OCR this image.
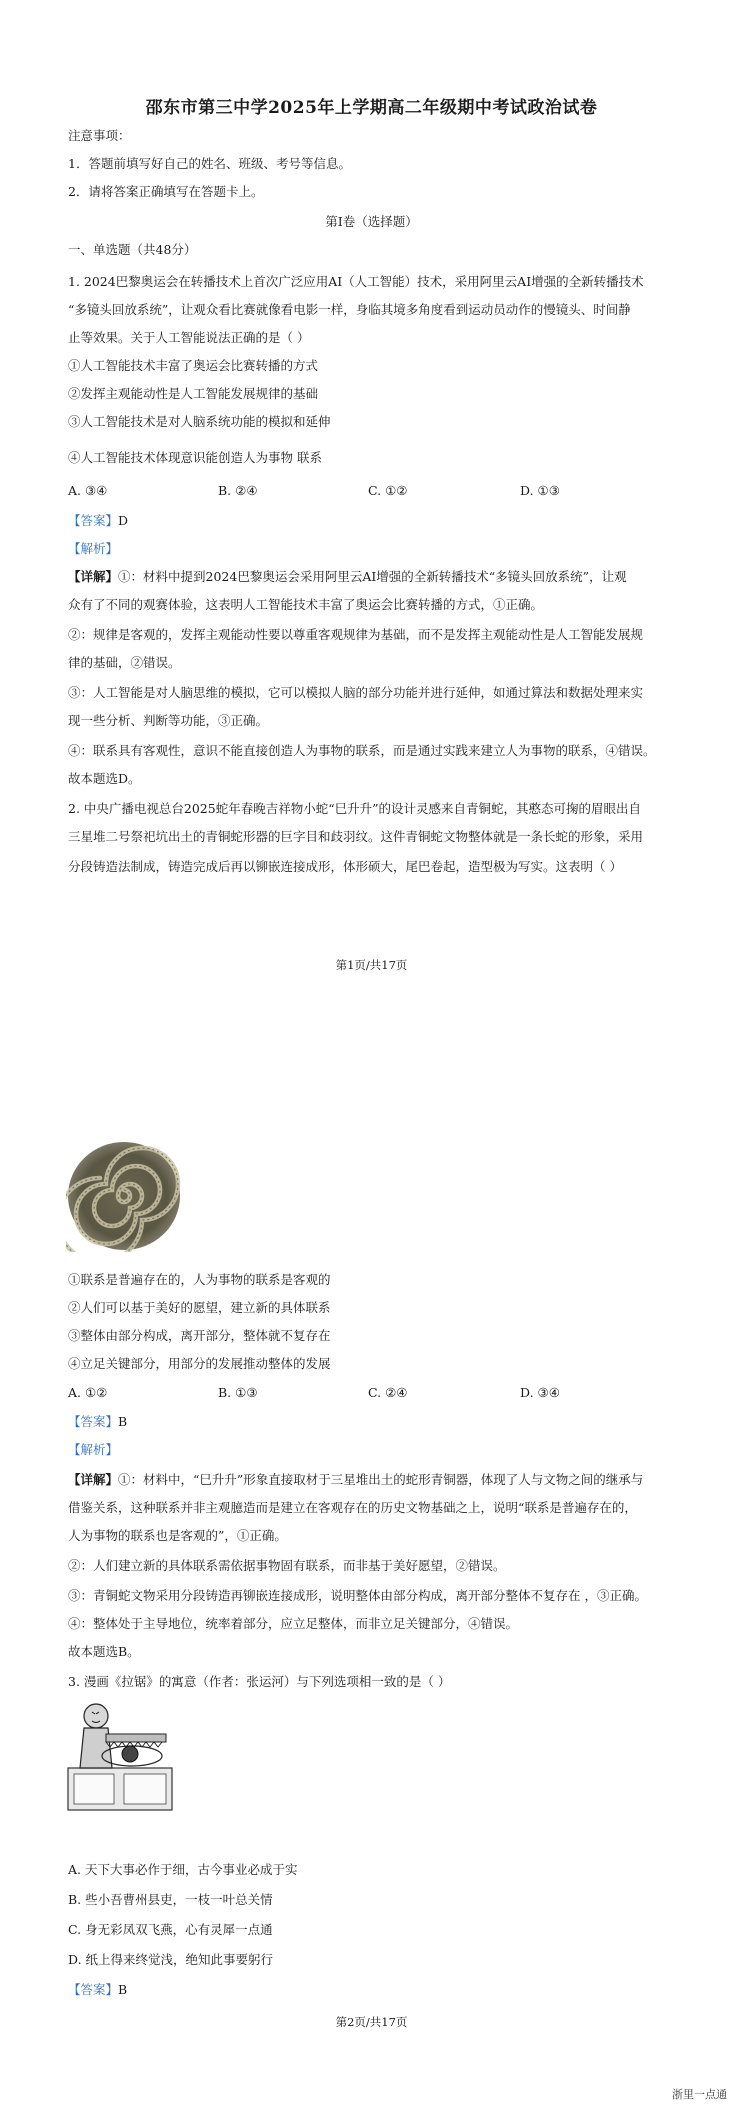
邵东市第三中学2025年上学期高二年级期中考试政治试卷
注意事项：
1．答题前填写好自己的姓名、班级、考号等信息。
2．请将答案正确填写在答题卡上。
第Ⅰ卷（选择题）
一、单选题（共48分）
1. 2024巴黎奥运会在转播技术上首次广泛应用AI（人工智能）技术，采用阿里云AI增强的全新转播技术
“多镜头回放系统”，让观众看比赛就像看电影一样，身临其境多角度看到运动员动作的慢镜头、时间静
止等效果。关于人工智能说法正确的是（ ）
①人工智能技术丰富了奥运会比赛转播的方式
②发挥主观能动性是人工智能发展规律的基础
③人工智能技术是对人脑系统功能的模拟和延伸
④人工智能技术体现意识能创造人为事物 联系
A. ③④	B. ②④	C. ①②	D. ①③
【答案】D
【解析】
【详解】①：材料中提到2024巴黎奥运会采用阿里云AI增强的全新转播技术“多镜头回放系统”，让观
众有了不同的观赛体验，这表明人工智能技术丰富了奥运会比赛转播的方式，①正确。
②：规律是客观的，发挥主观能动性要以尊重客观规律为基础，而不是发挥主观能动性是人工智能发展规
律的基础，②错误。
③：人工智能是对人脑思维的模拟，它可以模拟人脑的部分功能并进行延伸，如通过算法和数据处理来实
现一些分析、判断等功能，③正确。
④：联系具有客观性，意识不能直接创造人为事物的联系，而是通过实践来建立人为事物的联系，④错误。
故本题选D。
2. 中央广播电视总台2025蛇年春晚吉祥物小蛇“巳升升”的设计灵感来自青铜蛇，其憨态可掬的眉眼出自
三星堆二号祭祀坑出土的青铜蛇形器的巨字目和歧羽纹。这件青铜蛇文物整体就是一条长蛇的形象，采用
分段铸造法制成，铸造完成后再以铆嵌连接成形，体形硕大，尾巴卷起，造型极为写实。这表明（ ）
第1页/共17页
①联系是普遍存在的，人为事物的联系是客观的
②人们可以基于美好的愿望，建立新的具体联系
③整体由部分构成，离开部分，整体就不复存在
④立足关键部分，用部分的发展推动整体的发展
A. ①②	B. ①③	C. ②④	D. ③④
【答案】B
【解析】
【详解】①：材料中，“巳升升”形象直接取材于三星堆出土的蛇形青铜器，体现了人与文物之间的继承与
借鉴关系，这种联系并非主观臆造而是建立在客观存在的历史文物基础之上，说明“联系是普遍存在的，
人为事物的联系也是客观的”，①正确。
②：人们建立新的具体联系需依据事物固有联系，而非基于美好愿望，②错误。
③：青铜蛇文物采用分段铸造再铆嵌连接成形，说明整体由部分构成，离开部分整体不复存在 ，③正确。
④：整体处于主导地位，统率着部分，应立足整体，而非立足关键部分，④错误。
故本题选B。
3. 漫画《拉锯》的寓意（作者：张运河）与下列选项相一致的是（ ）
A. 天下大事必作于细，古今事业必成于实
B. 些小吾曹州县吏，一枝一叶总关情
C. 身无彩凤双飞燕，心有灵犀一点通
D. 纸上得来终觉浅，绝知此事要躬行
【答案】B
第2页/共17页
浙里一点通
